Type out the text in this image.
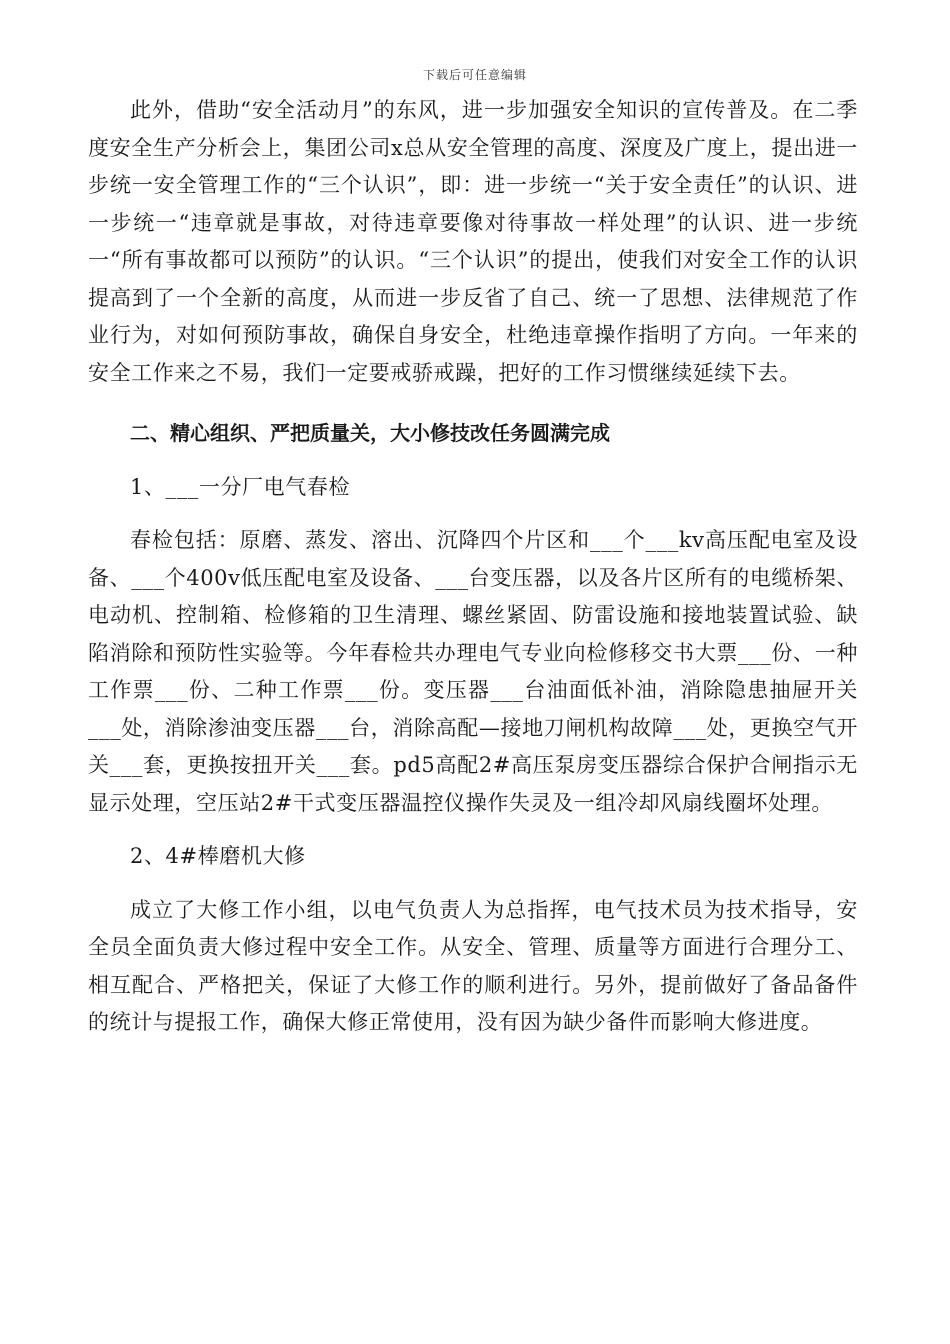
下载后可任意编辑

此外，借助“安全活动月”的东风，进一步加强安全知识的宣传普及。在二季度安全生产分析会上，集团公司x总从安全管理的高度、深度及广度上，提出进一步统一安全管理工作的“三个认识”，即：进一步统一“关于安全责任”的认识、进一步统一“违章就是事故，对待违章要像对待事故一样处理”的认识、进一步统一“所有事故都可以预防”的认识。“三个认识”的提出，使我们对安全工作的认识提高到了一个全新的高度，从而进一步反省了自己、统一了思想、法律规范了作业行为，对如何预防事故，确保自身安全，杜绝违章操作指明了方向。一年来的安全工作来之不易，我们一定要戒骄戒躁，把好的工作习惯继续延续下去。

二、精心组织、严把质量关，大小修技改任务圆满完成

1、___一分厂电气春检

春检包括：原磨、蒸发、溶出、沉降四个片区和___个___kv高压配电室及设备、___个400v低压配电室及设备、___台变压器，以及各片区所有的电缆桥架、电动机、控制箱、检修箱的卫生清理、螺丝紧固、防雷设施和接地装置试验、缺陷消除和预防性实验等。今年春检共办理电气专业向检修移交书大票___份、一种工作票___份、二种工作票___份。变压器___台油面低补油，消除隐患抽屉开关___处，消除渗油变压器___台，消除高配—接地刀闸机构故障___处，更换空气开关___套，更换按扭开关___套。pd5高配2#高压泵房变压器综合保护合闸指示无显示处理，空压站2#干式变压器温控仪操作失灵及一组冷却风扇线圈坏处理。

2、4#棒磨机大修

成立了大修工作小组，以电气负责人为总指挥，电气技术员为技术指导，安全员全面负责大修过程中安全工作。从安全、管理、质量等方面进行合理分工、相互配合、严格把关，保证了大修工作的顺利进行。另外，提前做好了备品备件的统计与提报工作，确保大修正常使用，没有因为缺少备件而影响大修进度。
